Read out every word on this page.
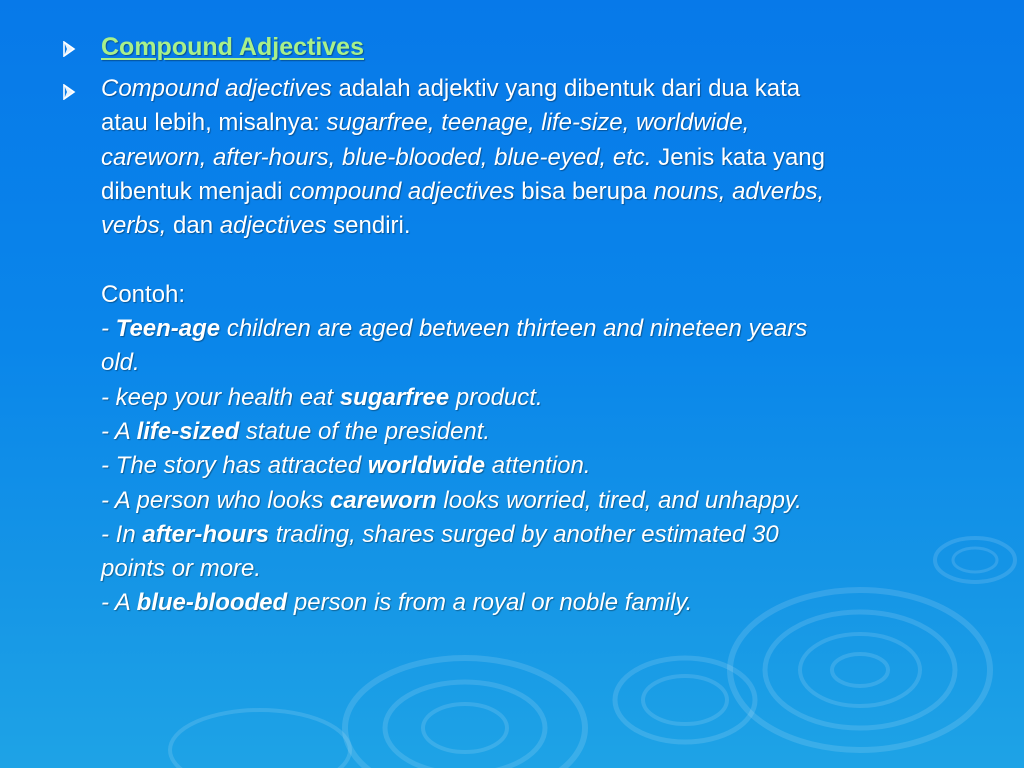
Compound Adjectives
Compound adjectives adalah adjektiv yang dibentuk dari dua kata
atau lebih, misalnya: sugarfree, teenage, life-size, worldwide,
careworn, after-hours, blue-blooded, blue-eyed, etc. Jenis kata yang
dibentuk menjadi compound adjectives bisa berupa nouns, adverbs,
verbs, dan adjectives sendiri.
Contoh:
- Teen-age children are aged between thirteen and nineteen years
old.
- keep your health eat sugarfree product.
- A life-sized statue of the president.
- The story has attracted worldwide attention.
- A person who looks careworn looks worried, tired, and unhappy.
- In after-hours trading, shares surged by another estimated 30
points or more.
- A blue-blooded person is from a royal or noble family.
